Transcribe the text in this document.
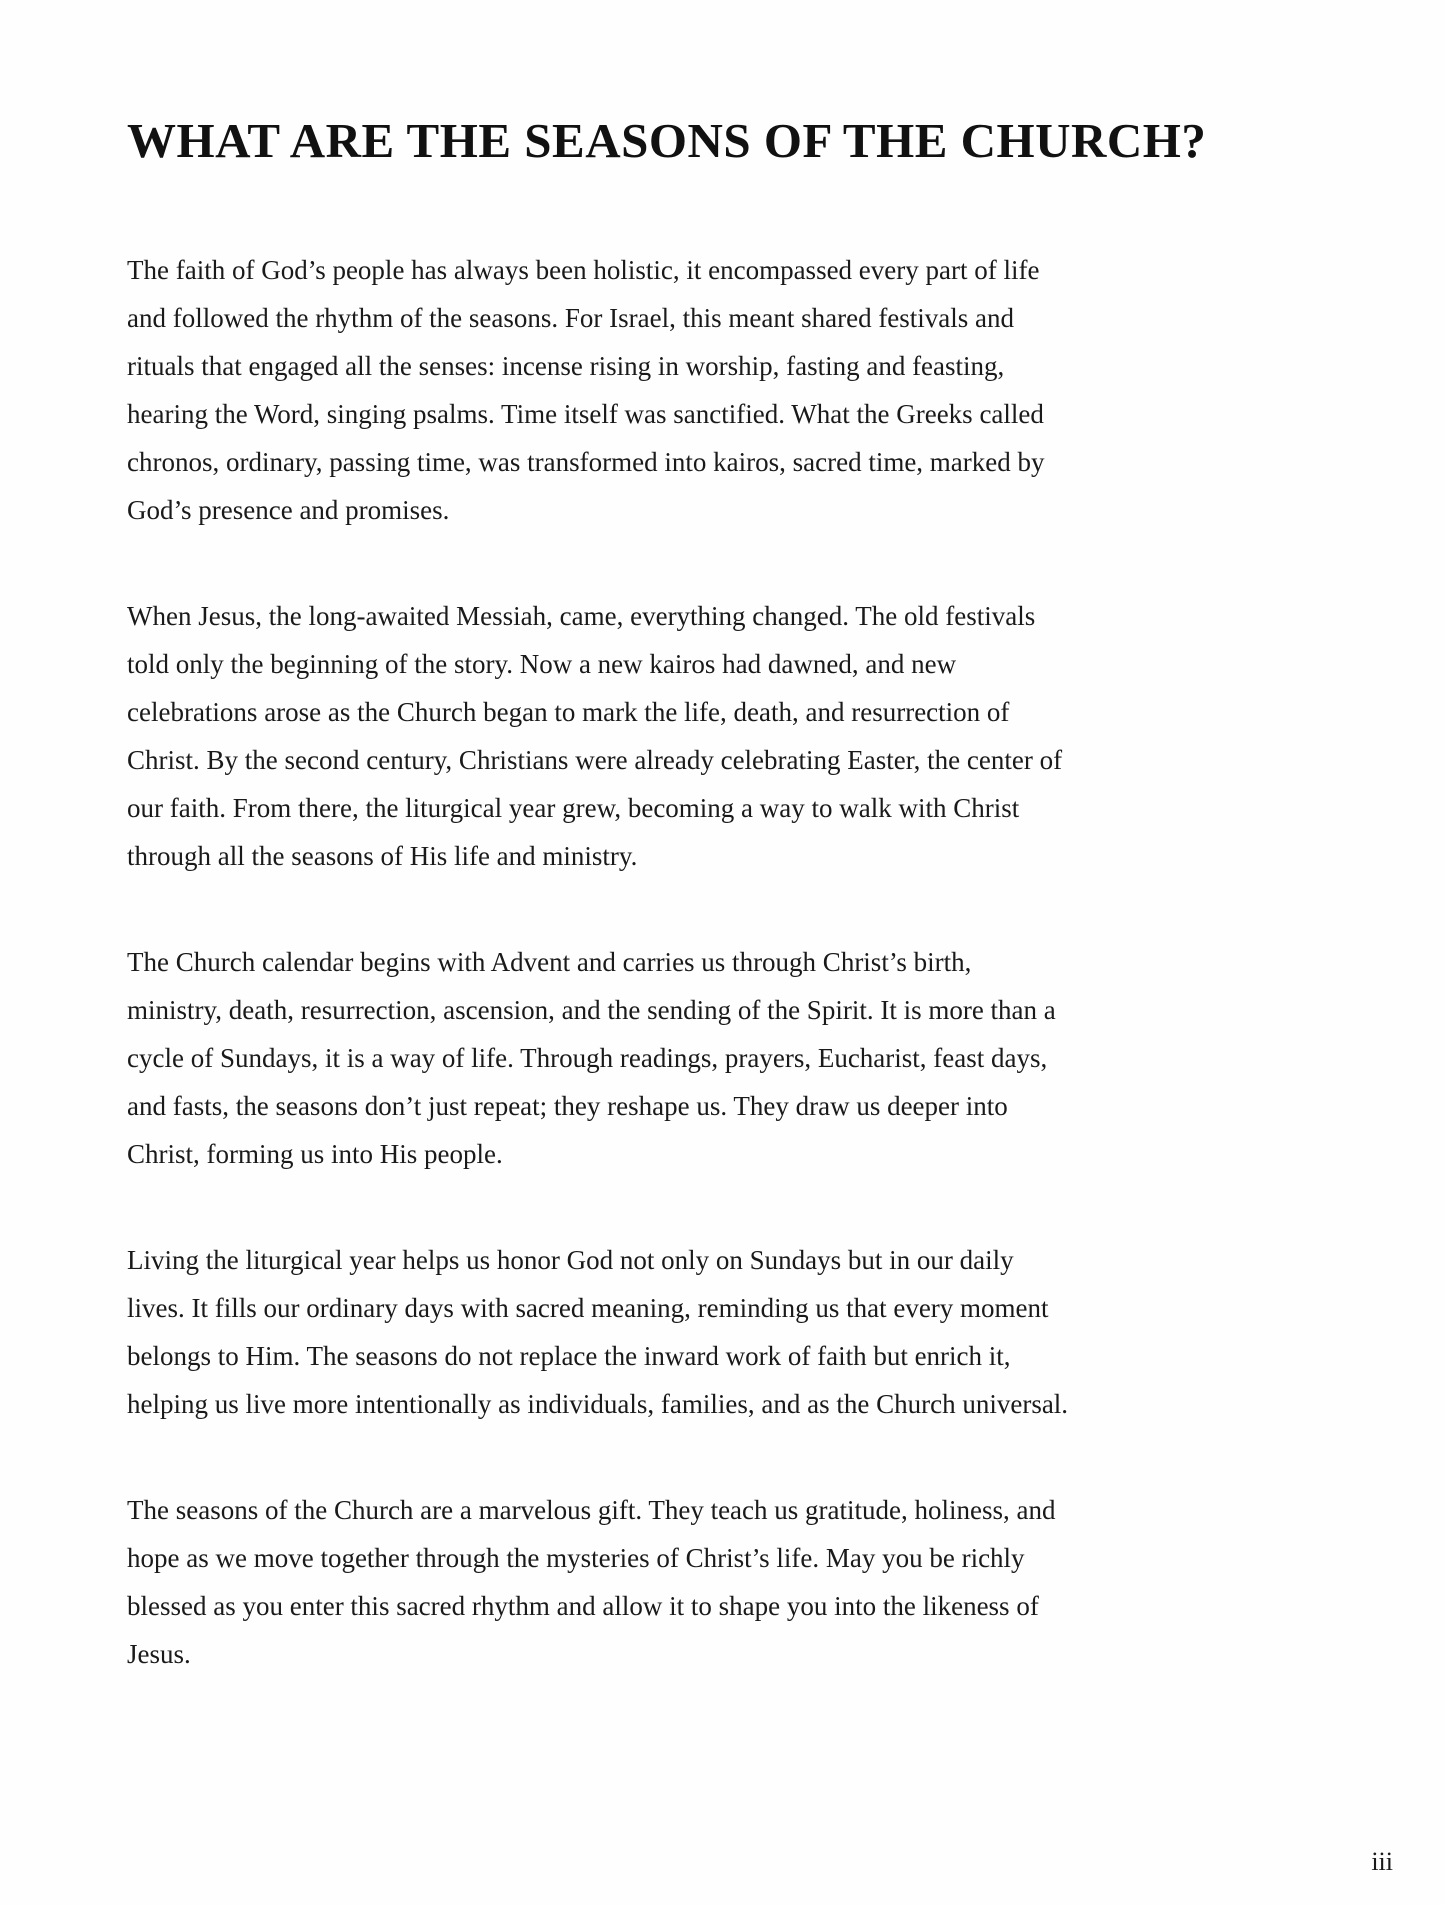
WHAT ARE THE SEASONS OF THE CHURCH?

The faith of God’s people has always been holistic, it encompassed every part of life and followed the rhythm of the seasons. For Israel, this meant shared festivals and rituals that engaged all the senses: incense rising in worship, fasting and feasting, hearing the Word, singing psalms. Time itself was sanctified. What the Greeks called chronos, ordinary, passing time, was transformed into kairos, sacred time, marked by God’s presence and promises.

When Jesus, the long-awaited Messiah, came, everything changed. The old festivals told only the beginning of the story. Now a new kairos had dawned, and new celebrations arose as the Church began to mark the life, death, and resurrection of Christ. By the second century, Christians were already celebrating Easter, the center of our faith. From there, the liturgical year grew, becoming a way to walk with Christ through all the seasons of His life and ministry.

The Church calendar begins with Advent and carries us through Christ’s birth, ministry, death, resurrection, ascension, and the sending of the Spirit. It is more than a cycle of Sundays, it is a way of life. Through readings, prayers, Eucharist, feast days, and fasts, the seasons don’t just repeat; they reshape us. They draw us deeper into Christ, forming us into His people.

Living the liturgical year helps us honor God not only on Sundays but in our daily lives. It fills our ordinary days with sacred meaning, reminding us that every moment belongs to Him. The seasons do not replace the inward work of faith but enrich it, helping us live more intentionally as individuals, families, and as the Church universal.

The seasons of the Church are a marvelous gift. They teach us gratitude, holiness, and hope as we move together through the mysteries of Christ’s life. May you be richly blessed as you enter this sacred rhythm and allow it to shape you into the likeness of Jesus.

iii
